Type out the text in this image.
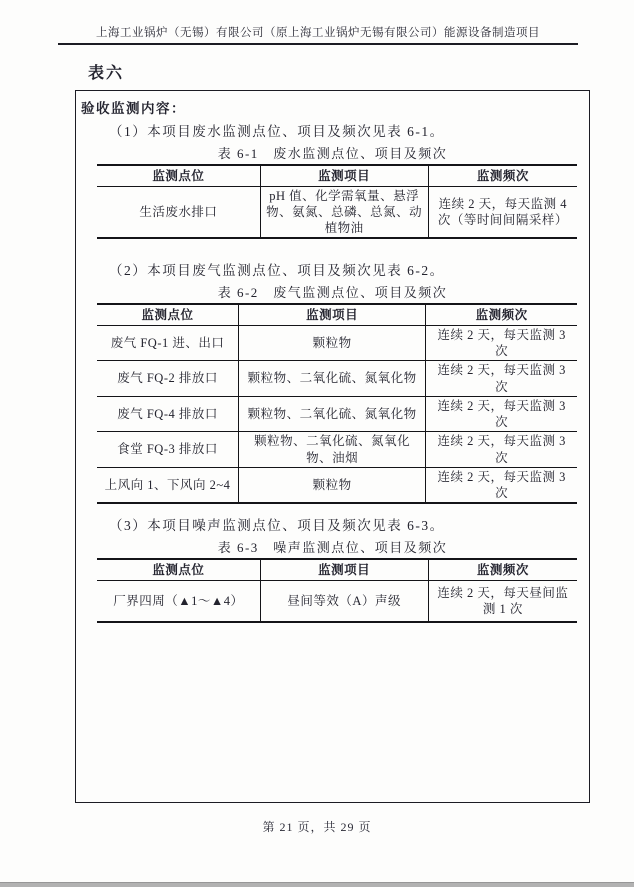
上海工业锅炉（无锡）有限公司（原上海工业锅炉无锡有限公司）能源设备制造项目
表六
验收监测内容：
（1）本项目废水监测点位、项目及频次见表 6-1。
表 6-1　废水监测点位、项目及频次
监测点位	监测项目	监测频次
生活废水排口	pH 值、化学需氧量、悬浮物、氨氮、总磷、总氮、动植物油	连续 2 天，每天监测 4 次（等时间间隔采样）
（2）本项目废气监测点位、项目及频次见表 6-2。
表 6-2　废气监测点位、项目及频次
监测点位	监测项目	监测频次
废气 FQ-1 进、出口	颗粒物	连续 2 天，每天监测 3 次
废气 FQ-2 排放口	颗粒物、二氧化硫、氮氧化物	连续 2 天，每天监测 3 次
废气 FQ-4 排放口	颗粒物、二氧化硫、氮氧化物	连续 2 天，每天监测 3 次
食堂 FQ-3 排放口	颗粒物、二氧化硫、氮氧化物、油烟	连续 2 天，每天监测 3 次
上风向 1、下风向 2~4	颗粒物	连续 2 天，每天监测 3 次
（3）本项目噪声监测点位、项目及频次见表 6-3。
表 6-3　噪声监测点位、项目及频次
监测点位	监测项目	监测频次
厂界四周（▲1～▲4）	昼间等效（A）声级	连续 2 天，每天昼间监测 1 次
第 21 页，共 29 页
